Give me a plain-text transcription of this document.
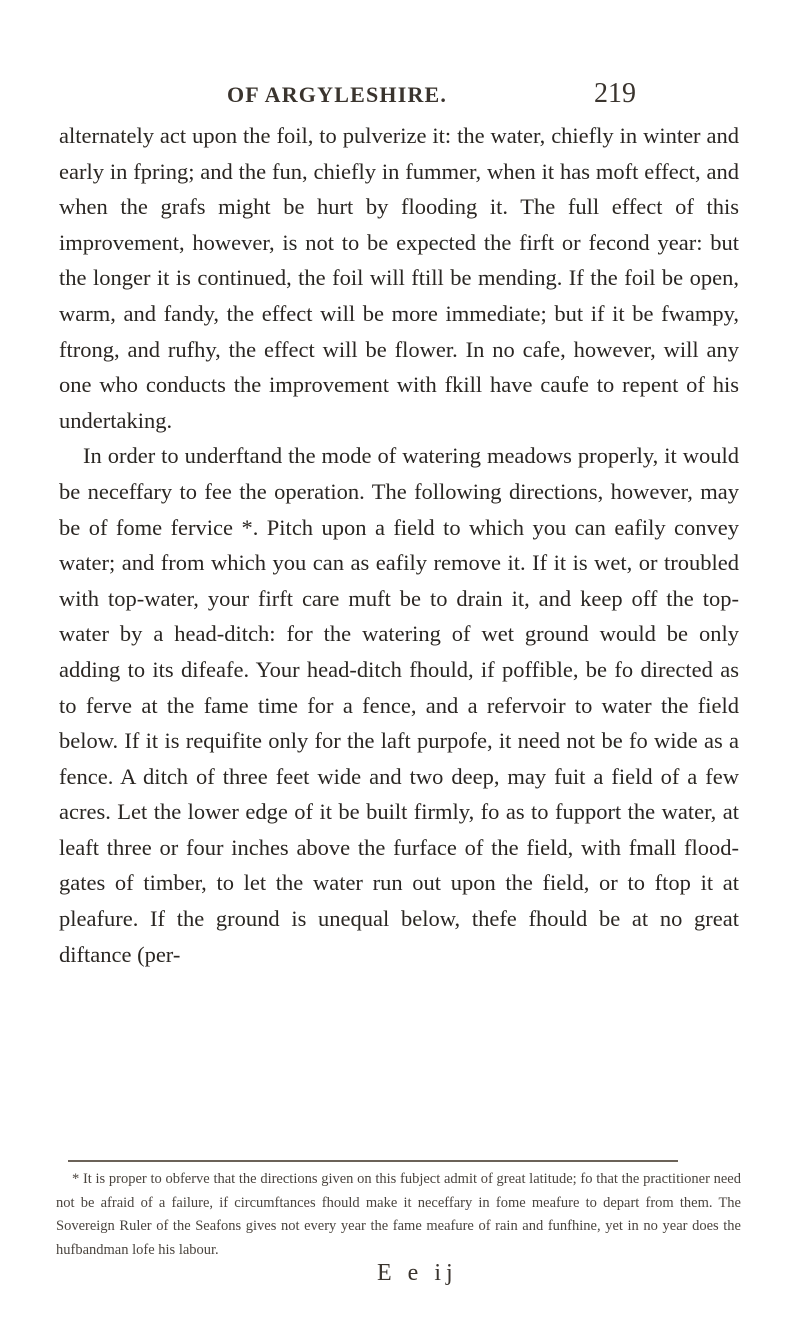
OF ARGYLESHIRE.	219

alternately act upon the foil, to pulverize it: the water, chiefly in winter and early in fpring; and the fun, chiefly in fummer, when it has moft effect, and when the grafs might be hurt by flooding it. The full effect of this improvement, however, is not to be expected the firft or fecond year: but the longer it is continued, the foil will ftill be mending. If the foil be open, warm, and fandy, the effect will be more immediate; but if it be fwampy, ftrong, and rufhy, the effect will be flower. In no cafe, however, will any one who conducts the improvement with fkill have caufe to repent of his undertaking.

In order to underftand the mode of watering meadows properly, it would be neceffary to fee the operation. The following directions, however, may be of fome fervice *. Pitch upon a field to which you can eafily convey water; and from which you can as eafily remove it. If it is wet, or troubled with top-water, your firft care muft be to drain it, and keep off the top-water by a head-ditch: for the watering of wet ground would be only adding to its difeafe. Your head-ditch fhould, if poffible, be fo directed as to ferve at the fame time for a fence, and a refervoir to water the field below. If it is requifite only for the laft purpofe, it need not be fo wide as a fence. A ditch of three feet wide and two deep, may fuit a field of a few acres. Let the lower edge of it be built firmly, fo as to fupport the water, at leaft three or four inches above the furface of the field, with fmall flood-gates of timber, to let the water run out upon the field, or to ftop it at pleafure. If the ground is unequal below, thefe fhould be at no great diftance (per-

* It is proper to obferve that the directions given on this fubject admit of great latitude; fo that the practitioner need not be afraid of a failure, if circumftances fhould make it neceffary in fome meafure to depart from them. The Sovereign Ruler of the Seafons gives not every year the fame meafure of rain and funfhine, yet in no year does the hufbandman lofe his labour.
E e ij
